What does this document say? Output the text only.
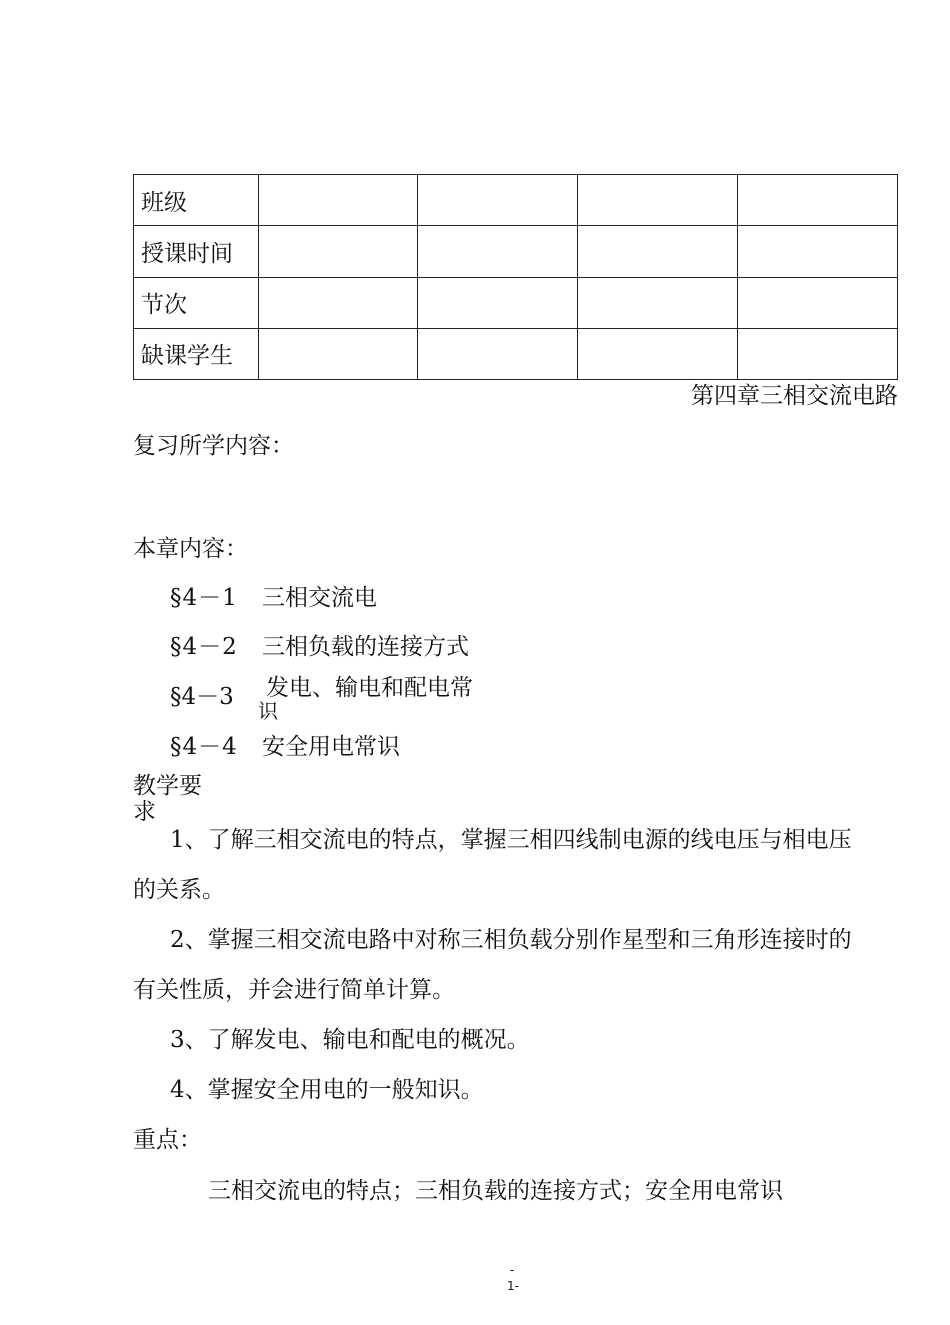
班级				
授课时间				
节次				
缺课学生				
第四章三相交流电路
复习所学内容：
本章内容：
§4－1 三相交流电
§4－2 三相负载的连接方式
§4－3 发电、输电和配电常
识
§4－4 安全用电常识
教学要
求
1、了解三相交流电的特点，掌握三相四线制电源的线电压与相电压
的关系。
2、掌握三相交流电路中对称三相负载分别作星型和三角形连接时的
有关性质，并会进行简单计算。
3、了解发电、输电和配电的概况。
4、掌握安全用电的一般知识。
重点：
三相交流电的特点；三相负载的连接方式；安全用电常识
-
1-
